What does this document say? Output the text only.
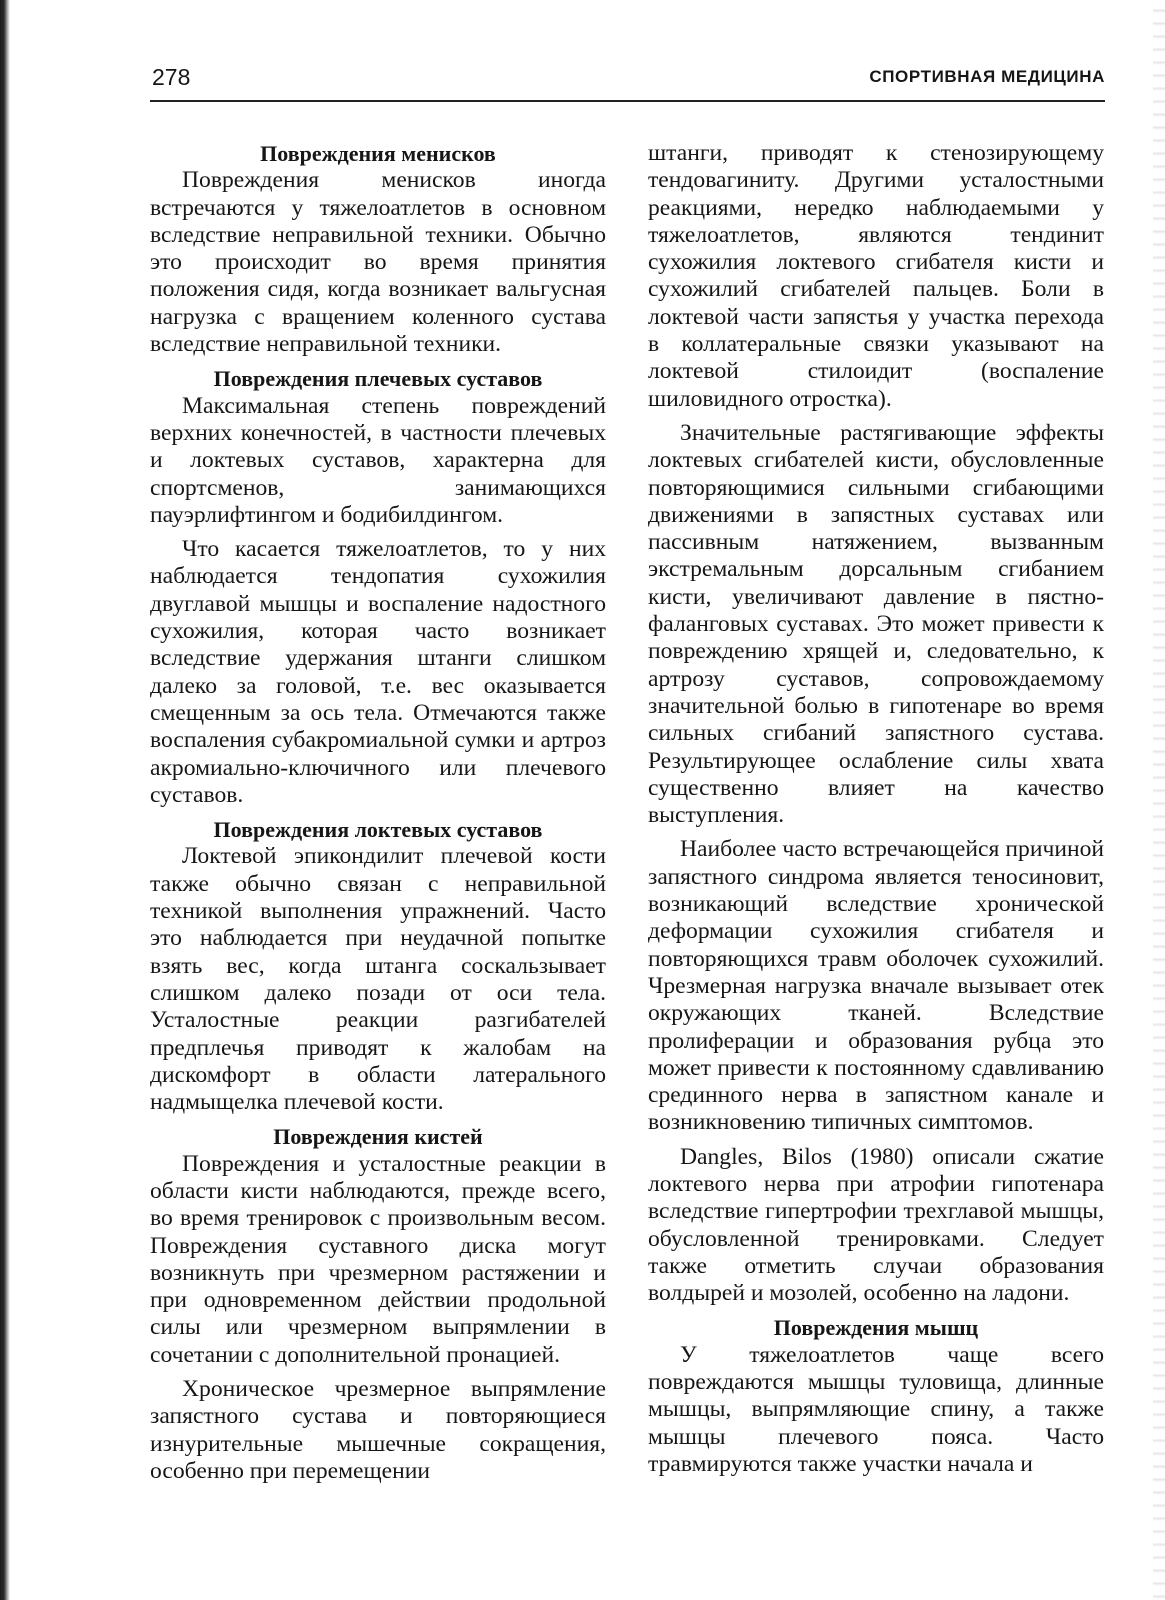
278	СПОРТИВНАЯ МЕДИЦИНА
Повреждения менисков

Повреждения менисков иногда встречаются у тяжелоатлетов в основном вследствие неправильной техники. Обычно это происходит во время принятия положения сидя, когда возникает вальгусная нагрузка с вращением коленного сустава вследствие неправильной техники.

Повреждения плечевых суставов

Максимальная степень повреждений верхних конечностей, в частности плечевых и локтевых суставов, характерна для спортсменов, занимающихся пауэрлифтингом и бодибилдингом.

Что касается тяжелоатлетов, то у них наблюдается тендопатия сухожилия двуглавой мышцы и воспаление надостного сухожилия, которая часто возникает вследствие удержания штанги слишком далеко за головой, т.е. вес оказывается смещенным за ось тела. Отмечаются также воспаления субакромиальной сумки и артроз акромиально-ключичного или плечевого суставов.

Повреждения локтевых суставов

Локтевой эпикондилит плечевой кости также обычно связан с неправильной техникой выполнения упражнений. Часто это наблюдается при неудачной попытке взять вес, когда штанга соскальзывает слишком далеко позади от оси тела. Усталостные реакции разгибателей предплечья приводят к жалобам на дискомфорт в области латерального надмыщелка плечевой кости.

Повреждения кистей

Повреждения и усталостные реакции в области кисти наблюдаются, прежде всего, во время тренировок с произвольным весом. Повреждения суставного диска могут возникнуть при чрезмерном растяжении и при одновременном действии продольной силы или чрезмерном выпрямлении в сочетании с дополнительной пронацией.

Хроническое чрезмерное выпрямление запястного сустава и повторяющиеся изнурительные мышечные сокращения, особенно при перемещении

штанги, приводят к стенозирующему тендовагиниту. Другими усталостными реакциями, нередко наблюдаемыми у тяжелоатлетов, являются тендинит сухожилия локтевого сгибателя кисти и сухожилий сгибателей пальцев. Боли в локтевой части запястья у участка перехода в коллатеральные связки указывают на локтевой стилоидит (воспаление шиловидного отростка).

Значительные растягивающие эффекты локтевых сгибателей кисти, обусловленные повторяющимися сильными сгибающими движениями в запястных суставах или пассивным натяжением, вызванным экстремальным дорсальным сгибанием кисти, увеличивают давление в пястно-фаланговых суставах. Это может привести к повреждению хрящей и, следовательно, к артрозу суставов, сопровождаемому значительной болью в гипотенаре во время сильных сгибаний запястного сустава. Результирующее ослабление силы хвата существенно влияет на качество выступления.

Наиболее часто встречающейся причиной запястного синдрома является теносиновит, возникающий вследствие хронической деформации сухожилия сгибателя и повторяющихся травм оболочек сухожилий. Чрезмерная нагрузка вначале вызывает отек окружающих тканей. Вследствие пролиферации и образования рубца это может привести к постоянному сдавливанию срединного нерва в запястном канале и возникновению типичных симптомов.

Dangles, Bilos (1980) описали сжатие локтевого нерва при атрофии гипотенара вследствие гипертрофии трехглавой мышцы, обусловленной тренировками. Следует также отметить случаи образования волдырей и мозолей, особенно на ладони.

Повреждения мышц

У тяжелоатлетов чаще всего повреждаются мышцы туловища, длинные мышцы, выпрямляющие спину, а также мышцы плечевого пояса. Часто травмируются также участки начала и
